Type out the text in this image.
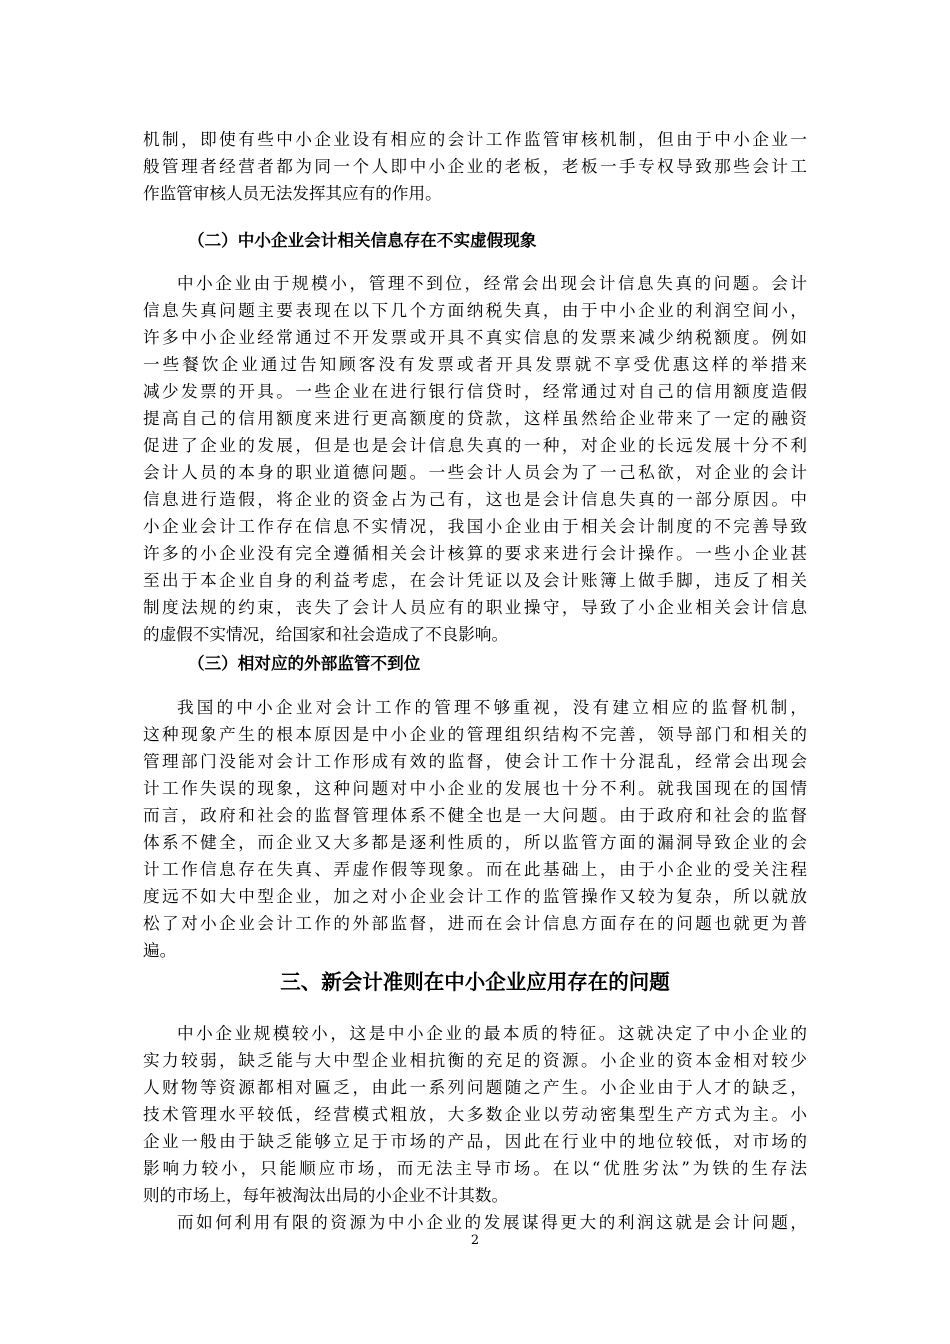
机制，即使有些中小企业设有相应的会计工作监管审核机制，但由于中小企业一
般管理者经营者都为同一个人即中小企业的老板，老板一手专权导致那些会计工
作监管审核人员无法发挥其应有的作用。
（二）中小企业会计相关信息存在不实虚假现象
中小企业由于规模小，管理不到位，经常会出现会计信息失真的问题。会计
信息失真问题主要表现在以下几个方面纳税失真，由于中小企业的利润空间小，
许多中小企业经常通过不开发票或开具不真实信息的发票来减少纳税额度。例如
一些餐饮企业通过告知顾客没有发票或者开具发票就不享受优惠这样的举措来
减少发票的开具。一些企业在进行银行信贷时，经常通过对自己的信用额度造假
提高自己的信用额度来进行更高额度的贷款，这样虽然给企业带来了一定的融资
促进了企业的发展，但是也是会计信息失真的一种，对企业的长远发展十分不利
会计人员的本身的职业道德问题。一些会计人员会为了一己私欲，对企业的会计
信息进行造假，将企业的资金占为己有，这也是会计信息失真的一部分原因。中
小企业会计工作存在信息不实情况，我国小企业由于相关会计制度的不完善导致
许多的小企业没有完全遵循相关会计核算的要求来进行会计操作。一些小企业甚
至出于本企业自身的利益考虑，在会计凭证以及会计账簿上做手脚，违反了相关
制度法规的约束，丧失了会计人员应有的职业操守，导致了小企业相关会计信息
的虚假不实情况，给国家和社会造成了不良影响。
（三）相对应的外部监管不到位
我国的中小企业对会计工作的管理不够重视，没有建立相应的监督机制，
这种现象产生的根本原因是中小企业的管理组织结构不完善，领导部门和相关的
管理部门没能对会计工作形成有效的监督，使会计工作十分混乱，经常会出现会
计工作失误的现象，这种问题对中小企业的发展也十分不利。就我国现在的国情
而言，政府和社会的监督管理体系不健全也是一大问题。由于政府和社会的监督
体系不健全，而企业又大多都是逐利性质的，所以监管方面的漏洞导致企业的会
计工作信息存在失真、弄虚作假等现象。而在此基础上，由于小企业的受关注程
度远不如大中型企业，加之对小企业会计工作的监管操作又较为复杂，所以就放
松了对小企业会计工作的外部监督，进而在会计信息方面存在的问题也就更为普
遍。
三、新会计准则在中小企业应用存在的问题
中小企业规模较小，这是中小企业的最本质的特征。这就决定了中小企业的
实力较弱，缺乏能与大中型企业相抗衡的充足的资源。小企业的资本金相对较少
人财物等资源都相对匾乏，由此一系列问题随之产生。小企业由于人才的缺乏，
技术管理水平较低，经营模式粗放，大多数企业以劳动密集型生产方式为主。小
企业一般由于缺乏能够立足于市场的产品，因此在行业中的地位较低，对市场的
影响力较小，只能顺应市场，而无法主导市场。在以“优胜劣汰”为铁的生存法
则的市场上，每年被淘汰出局的小企业不计其数。
而如何利用有限的资源为中小企业的发展谋得更大的利润这就是会计问题，
2
